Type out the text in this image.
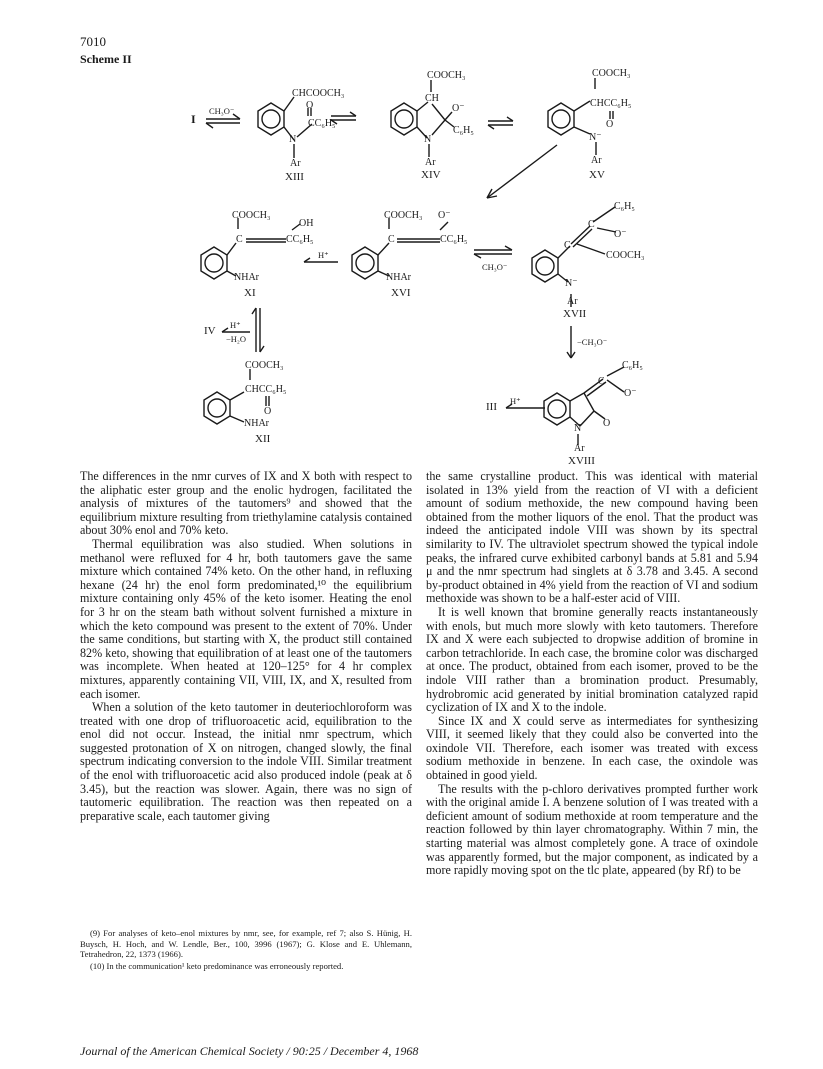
7010
Scheme II
I
CH₃O⁻
CHCOOCH₃
O
CC₆H₅
N
Ar
XIII
COOCH₃
CH
O⁻
C₆H₅
N
Ar
XIV
COOCH₃
CHCC₆H₅
O
N⁻
Ar
XV
COOCH₃
OH
C	CC₆H₅
NHAr
XI
H⁺
COOCH₃ O⁻
C	CC₆H₅
NHAr
XVI
CH₃O⁻
C₆H₅
C
O⁻
C
COOCH₃
N⁻
Ar
XVII
IV H⁺
−H₂O	−CH₃O⁻
COOCH₃
CHCC₆H₅
O
NHAr
XII
III H⁺
C₆H₅
C
O⁻
N O
Ar
XVIII

The differences in the nmr curves of IX and X both with respect to the aliphatic ester group and the enolic hydrogen, facilitated the analysis of mixtures of the tautomers⁹ and showed that the equilibrium mixture resulting from triethylamine catalysis contained about 30% enol and 70% keto.

Thermal equilibration was also studied. When solutions in methanol were refluxed for 4 hr, both tautomers gave the same mixture which contained 74% keto. On the other hand, in refluxing hexane (24 hr) the enol form predominated,¹⁰ the equilibrium mixture containing only 45% of the keto isomer. Heating the enol for 3 hr on the steam bath without solvent furnished a mixture in which the keto compound was present to the extent of 70%. Under the same conditions, but starting with X, the product still contained 82% keto, showing that equilibration of at least one of the tautomers was incomplete. When heated at 120–125° for 4 hr complex mixtures, apparently containing VII, VIII, IX, and X, resulted from each isomer.

When a solution of the keto tautomer in deuteriochloroform was treated with one drop of trifluoroacetic acid, equilibration to the enol did not occur. Instead, the initial nmr spectrum, which suggested protonation of X on nitrogen, changed slowly, the final spectrum indicating conversion to the indole VIII. Similar treatment of the enol with trifluoroacetic acid also produced indole (peak at δ 3.45), but the reaction was slower. Again, there was no sign of tautomeric equilibration. The reaction was then repeated on a preparative scale, each tautomer giving

the same crystalline product. This was identical with material isolated in 13% yield from the reaction of VI with a deficient amount of sodium methoxide, the new compound having been obtained from the mother liquors of the enol. That the product was indeed the anticipated indole VIII was shown by its spectral similarity to IV. The ultraviolet spectrum showed the typical indole peaks, the infrared curve exhibited carbonyl bands at 5.81 and 5.94 μ and the nmr spectrum had singlets at δ 3.78 and 3.45. A second by-product obtained in 4% yield from the reaction of VI and sodium methoxide was shown to be a half-ester acid of VIII.

It is well known that bromine generally reacts instantaneously with enols, but much more slowly with keto tautomers. Therefore IX and X were each subjected to dropwise addition of bromine in carbon tetrachloride. In each case, the bromine color was discharged at once. The product, obtained from each isomer, proved to be the indole VIII rather than a bromination product. Presumably, hydrobromic acid generated by initial bromination catalyzed rapid cyclization of IX and X to the indole.

Since IX and X could serve as intermediates for synthesizing VIII, it seemed likely that they could also be converted into the oxindole VII. Therefore, each isomer was treated with excess sodium methoxide in benzene. In each case, the oxindole was obtained in good yield.

The results with the p-chloro derivatives prompted further work with the original amide I. A benzene solution of I was treated with a deficient amount of sodium methoxide at room temperature and the reaction followed by thin layer chromatography. Within 7 min, the starting material was almost completely gone. A trace of oxindole was apparently formed, but the major component, as indicated by a more rapidly moving spot on the tlc plate, appeared (by Rf) to be

(9) For analyses of keto–enol mixtures by nmr, see, for example, ref 7; also S. Hünig, H. Buysch, H. Hoch, and W. Lendle, Ber., 100, 3996 (1967); G. Klose and E. Uhlemann, Tetrahedron, 22, 1373 (1966).

(10) In the communication¹ keto predominance was erroneously reported.

Journal of the American Chemical Society / 90:25 / December 4, 1968
